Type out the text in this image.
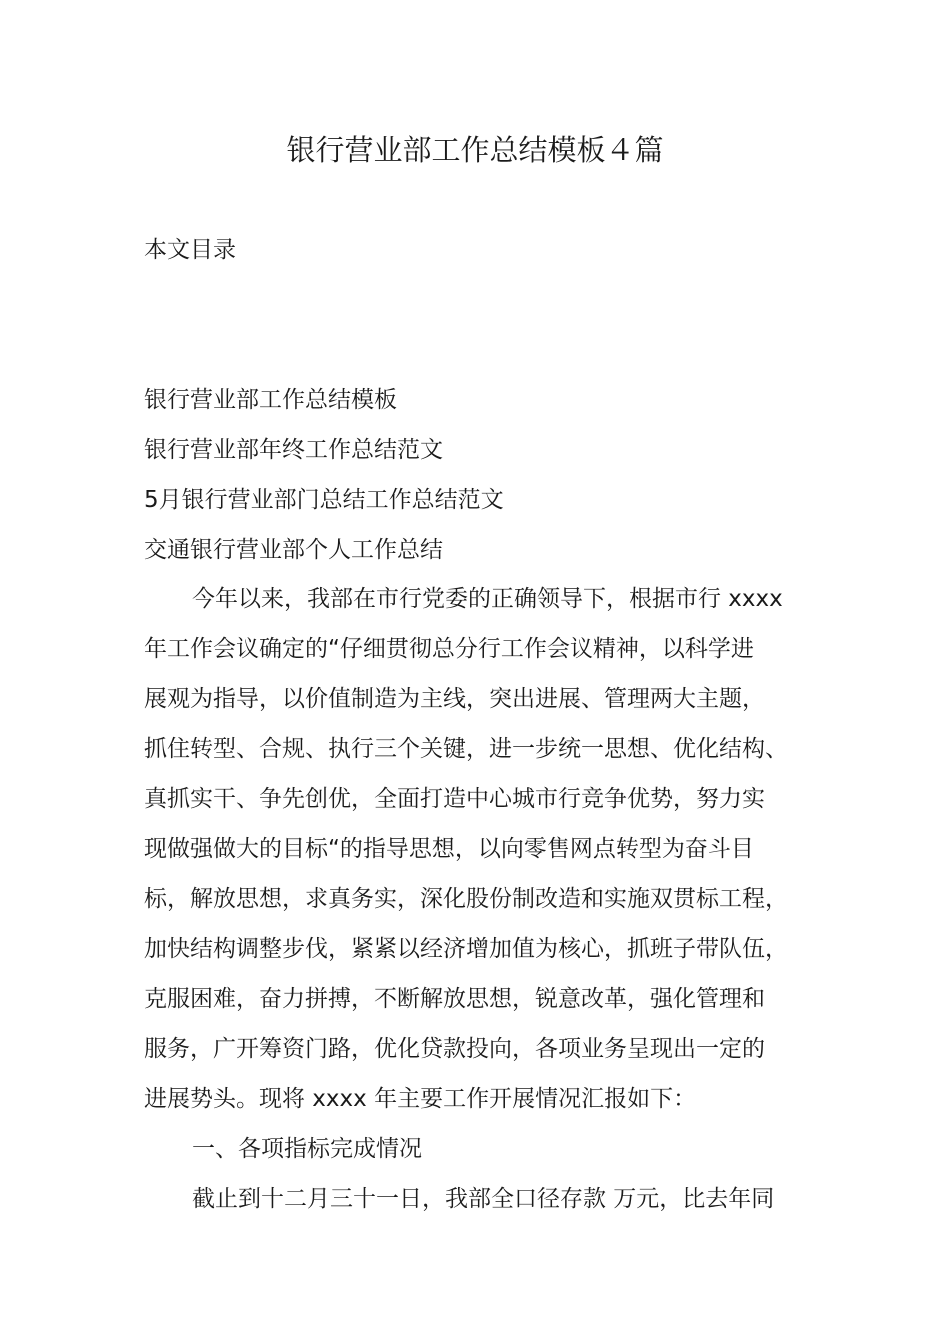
银行营业部工作总结模板４篇
本文目录
银行营业部工作总结模板
银行营业部年终工作总结范文
5月银行营业部门总结工作总结范文
交通银行营业部个人工作总结
今年以来，我部在市行党委的正确领导下，根据市行 xxxx
年工作会议确定的“仔细贯彻总分行工作会议精神，以科学进
展观为指导，以价值制造为主线，突出进展、管理两大主题，
抓住转型、合规、执行三个关键，进一步统一思想、优化结构、
真抓实干、争先创优，全面打造中心城市行竞争优势，努力实
现做强做大的目标“的指导思想，以向零售网点转型为奋斗目
标，解放思想，求真务实，深化股份制改造和实施双贯标工程，
加快结构调整步伐，紧紧以经济增加值为核心，抓班子带队伍，
克服困难，奋力拼搏，不断解放思想，锐意改革，强化管理和
服务，广开筹资门路，优化贷款投向，各项业务呈现出一定的
进展势头。现将 xxxx 年主要工作开展情况汇报如下：
一、各项指标完成情况
截止到十二月三十一日，我部全口径存款 万元，比去年同
